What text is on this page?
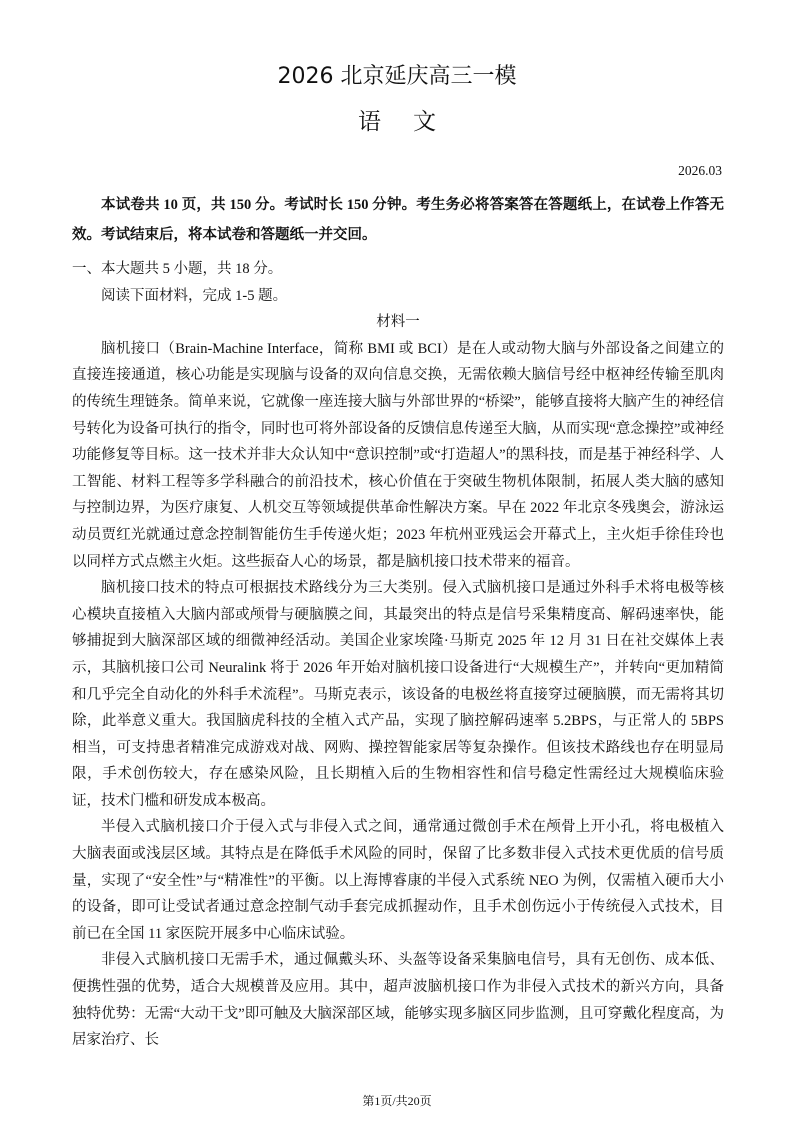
2026 北京延庆高三一模
语 文
2026.03
本试卷共 10 页，共 150 分。考试时长 150 分钟。考生务必将答案答在答题纸上，在试卷上作答无效。考试结束后，将本试卷和答题纸一并交回。

一、本大题共 5 小题，共 18 分。

阅读下面材料，完成 1-5 题。

材料一

脑机接口（Brain-Machine Interface，简称 BMI 或 BCI）是在人或动物大脑与外部设备之间建立的直接连接通道，核心功能是实现脑与设备的双向信息交换，无需依赖大脑信号经中枢神经传输至肌肉的传统生理链条。简单来说，它就像一座连接大脑与外部世界的“桥梁”，能够直接将大脑产生的神经信号转化为设备可执行的指令，同时也可将外部设备的反馈信息传递至大脑，从而实现“意念操控”或神经功能修复等目标。这一技术并非大众认知中“意识控制”或“打造超人”的黑科技，而是基于神经科学、人工智能、材料工程等多学科融合的前沿技术，核心价值在于突破生物机体限制，拓展人类大脑的感知与控制边界，为医疗康复、人机交互等领域提供革命性解决方案。早在 2022 年北京冬残奥会，游泳运动员贾红光就通过意念控制智能仿生手传递火炬；2023 年杭州亚残运会开幕式上，主火炬手徐佳玲也以同样方式点燃主火炬。这些振奋人心的场景，都是脑机接口技术带来的福音。

脑机接口技术的特点可根据技术路线分为三大类别。侵入式脑机接口是通过外科手术将电极等核心模块直接植入大脑内部或颅骨与硬脑膜之间，其最突出的特点是信号采集精度高、解码速率快，能够捕捉到大脑深部区域的细微神经活动。美国企业家埃隆·马斯克 2025 年 12 月 31 日在社交媒体上表示，其脑机接口公司 Neuralink 将于 2026 年开始对脑机接口设备进行“大规模生产”，并转向“更加精简和几乎完全自动化的外科手术流程”。马斯克表示，该设备的电极丝将直接穿过硬脑膜，而无需将其切除，此举意义重大。我国脑虎科技的全植入式产品，实现了脑控解码速率 5.2BPS，与正常人的 5BPS 相当，可支持患者精准完成游戏对战、网购、操控智能家居等复杂操作。但该技术路线也存在明显局限，手术创伤较大，存在感染风险，且长期植入后的生物相容性和信号稳定性需经过大规模临床验证，技术门槛和研发成本极高。

半侵入式脑机接口介于侵入式与非侵入式之间，通常通过微创手术在颅骨上开小孔，将电极植入大脑表面或浅层区域。其特点是在降低手术风险的同时，保留了比多数非侵入式技术更优质的信号质量，实现了“安全性”与“精准性”的平衡。以上海博睿康的半侵入式系统 NEO 为例，仅需植入硬币大小的设备，即可让受试者通过意念控制气动手套完成抓握动作，且手术创伤远小于传统侵入式技术，目前已在全国 11 家医院开展多中心临床试验。

非侵入式脑机接口无需手术，通过佩戴头环、头盔等设备采集脑电信号，具有无创伤、成本低、便携性强的优势，适合大规模普及应用。其中，超声波脑机接口作为非侵入式技术的新兴方向，具备独特优势：无需“大动干戈”即可触及大脑深部区域，能够实现多脑区同步监测，且可穿戴化程度高，为居家治疗、长

第1页/共20页
